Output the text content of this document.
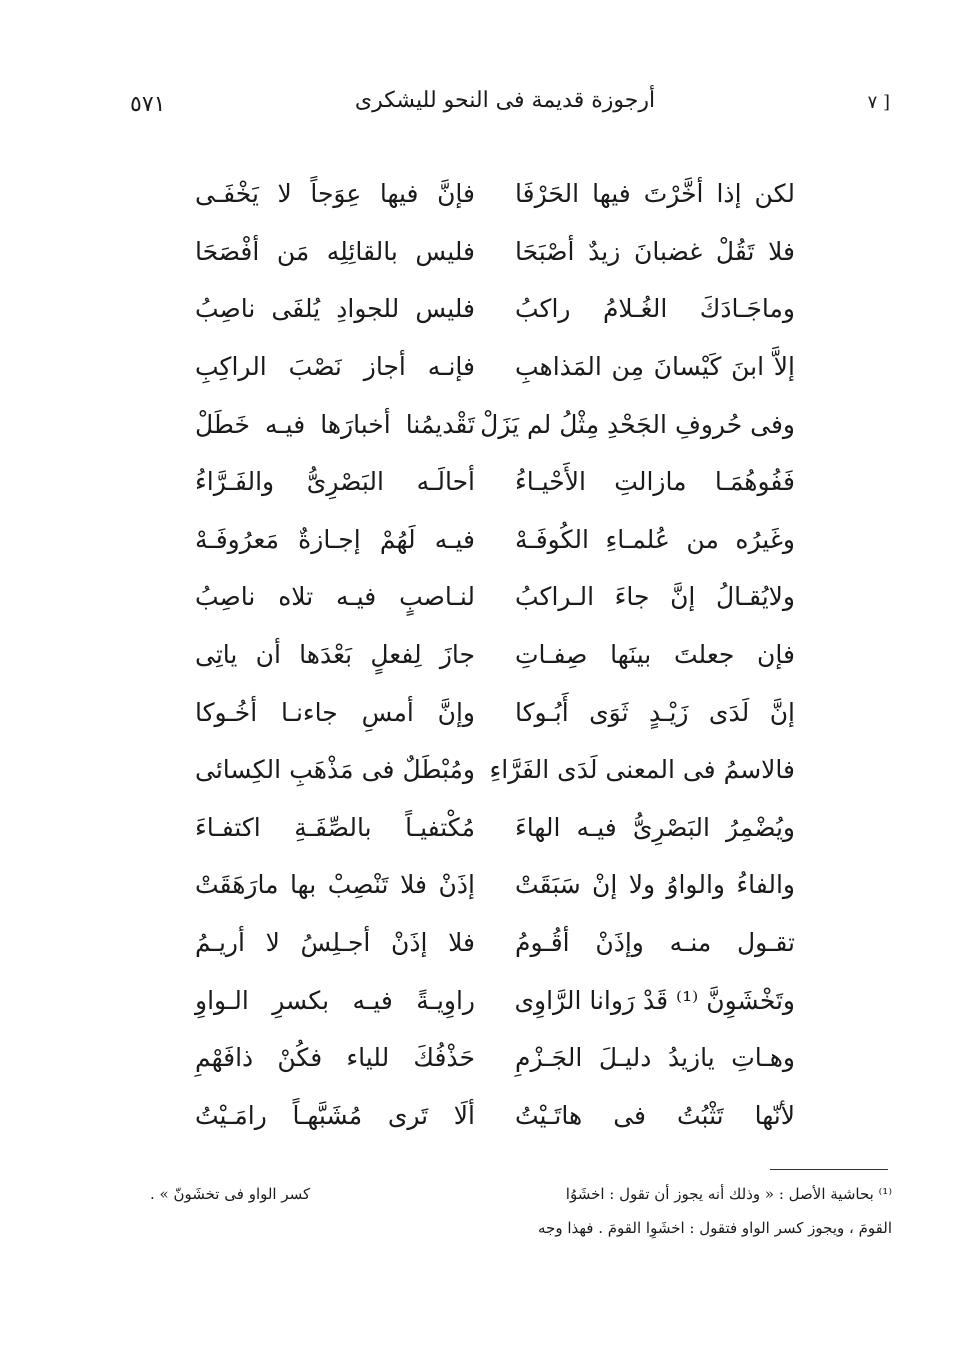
٥٧١	أرجوزة قديمة فى النحو لليشكرى	[ ٧
لكن إذا أخَّرْتَ فيها الحَرْفَا
فإنَّ فيها عِوَجاً لا يَخْفَـى
فلا تَقُلْ غضبانَ زيدٌ أصْبَحَا
فليس بالقائِلِه مَن أفْصَحَا
وماجَـادَكَ الغُـلامُ راكبُ
فليس للجوادِ يُلفَى ناصِبُ
إلاَّ ابنَ كَيْسانَ مِن المَذاهبِ
فإنـه أجاز نَصْبَ الراكِبِ
وفى حُروفِ الجَحْدِ مِثْلُ لم يَزَلْ
تَقْديمُنا أخبارَها فيـه خَطَلْ
فَفُوهُمَـا مازالتِ الأَحْيـاءُ
أحالَـه البَصْرِىُّ والفَـرَّاءُ
وغَيرُه من عُلمـاءِ الكُوفَـهْ
فيـه لَهُمْ إجـازةٌ مَعرُوفَـهْ
ولايُقـالُ إنَّ جاءَ الـراكبُ
لنـاصبٍ فيـه تلاه ناصِبُ
فإن جعلتَ بينَها صِفـاتِ
جازَ لِفعلٍ بَعْدَها أن ياتِى
إنَّ لَدَى زَيْـدٍ ثَوَى أَبُـوكا
وإنَّ أمسِ جاءنـا أخُـوكا
فالاسمُ فى المعنى لَدَى الفَرَّاءِ
ومُبْطَلٌ فى مَذْهَبِ الكِسائى
ويُضْمِرُ البَصْرِىُّ فيـه الهاءَ
مُكْتفيـاً بالصِّفَـةِ اكتفـاءَ
والفاءُ والواوُ ولا إنْ سَبَقَتْ
إذَنْ فلا تَنْصِبْ بها مارَهَقَتْ
تقـول منـه وإذَنْ أقُـومُ
فلا إذَنْ أجـلِسُ لا أريـمُ
وتَخْشَوِنَّ ⁽¹⁾ قَدْ رَوانا الرَّاوِى
راوِيـةً فيـه بكسرِ الـواوِ
وهـاتِ يازيدُ دليـلَ الجَـزْمِ
حَذْفُكَ للياء فكُنْ ذافَهْمِ
لأنّها تَثْبُتُ فى هاتَـيْتُ
ألَا تَرى مُشَبَّهـاً رامَـيْتُ
⁽¹⁾ بحاشية الأصل : « وذلك أنه يجوز أن تقول : اخشَوُا
كسر الواو فى تخشَونّ » .
القومَ ، ويجوز كسر الواو فتقول : اخشَوِا القومَ . فهذا وجه
